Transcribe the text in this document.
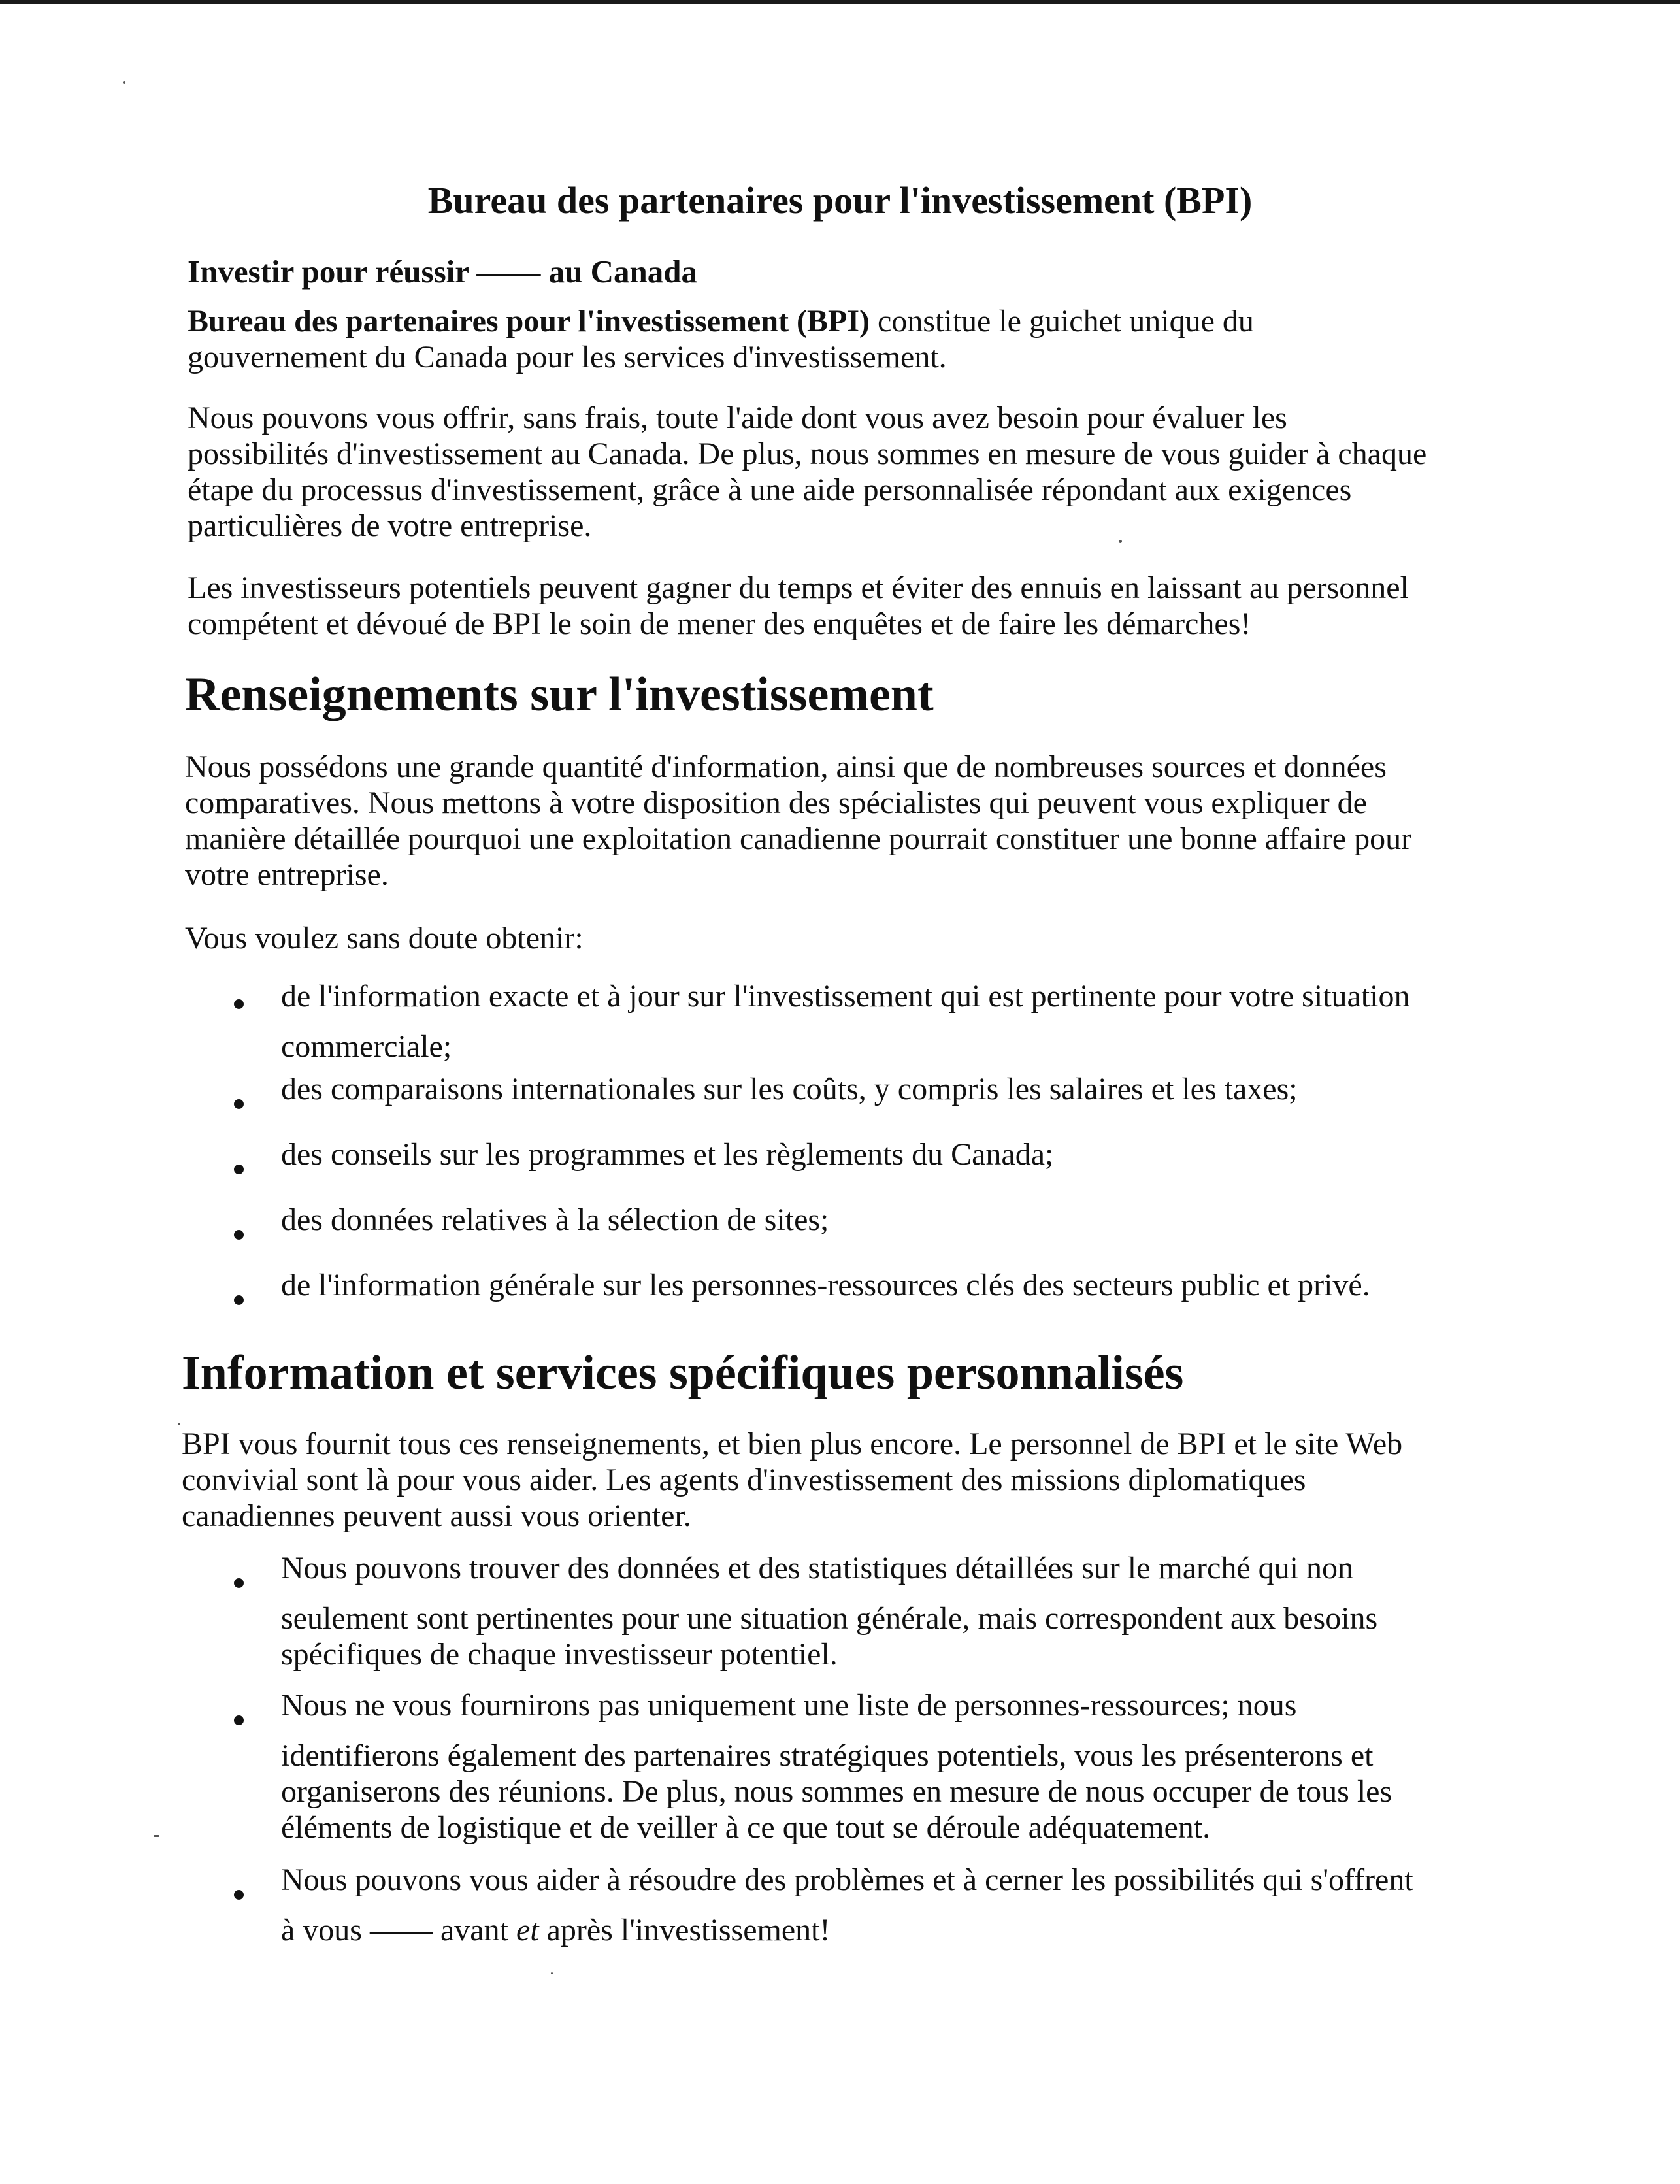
Bureau des partenaires pour l'investissement (BPI)

Investir pour réussir —— au Canada

Bureau des partenaires pour l'investissement (BPI) constitue le guichet unique du
gouvernement du Canada pour les services d'investissement.

Nous pouvons vous offrir, sans frais, toute l'aide dont vous avez besoin pour évaluer les
possibilités d'investissement au Canada. De plus, nous sommes en mesure de vous guider à chaque
étape du processus d'investissement, grâce à une aide personnalisée répondant aux exigences
particulières de votre entreprise.

Les investisseurs potentiels peuvent gagner du temps et éviter des ennuis en laissant au personnel
compétent et dévoué de BPI le soin de mener des enquêtes et de faire les démarches!

Renseignements sur l'investissement

Nous possédons une grande quantité d'information, ainsi que de nombreuses sources et données
comparatives. Nous mettons à votre disposition des spécialistes qui peuvent vous expliquer de
manière détaillée pourquoi une exploitation canadienne pourrait constituer une bonne affaire pour
votre entreprise.

Vous voulez sans doute obtenir:

de l'information exacte et à jour sur l'investissement qui est pertinente pour votre situation
commerciale;

des comparaisons internationales sur les coûts, y compris les salaires et les taxes;

des conseils sur les programmes et les règlements du Canada;

des données relatives à la sélection de sites;

de l'information générale sur les personnes-ressources clés des secteurs public et privé.

Information et services spécifiques personnalisés

BPI vous fournit tous ces renseignements, et bien plus encore. Le personnel de BPI et le site Web
convivial sont là pour vous aider. Les agents d'investissement des missions diplomatiques
canadiennes peuvent aussi vous orienter.

Nous pouvons trouver des données et des statistiques détaillées sur le marché qui non
seulement sont pertinentes pour une situation générale, mais correspondent aux besoins
spécifiques de chaque investisseur potentiel.

Nous ne vous fournirons pas uniquement une liste de personnes-ressources; nous
identifierons également des partenaires stratégiques potentiels, vous les présenterons et
organiserons des réunions. De plus, nous sommes en mesure de nous occuper de tous les
éléments de logistique et de veiller à ce que tout se déroule adéquatement.

Nous pouvons vous aider à résoudre des problèmes et à cerner les possibilités qui s'offrent
à vous —— avant et après l'investissement!
